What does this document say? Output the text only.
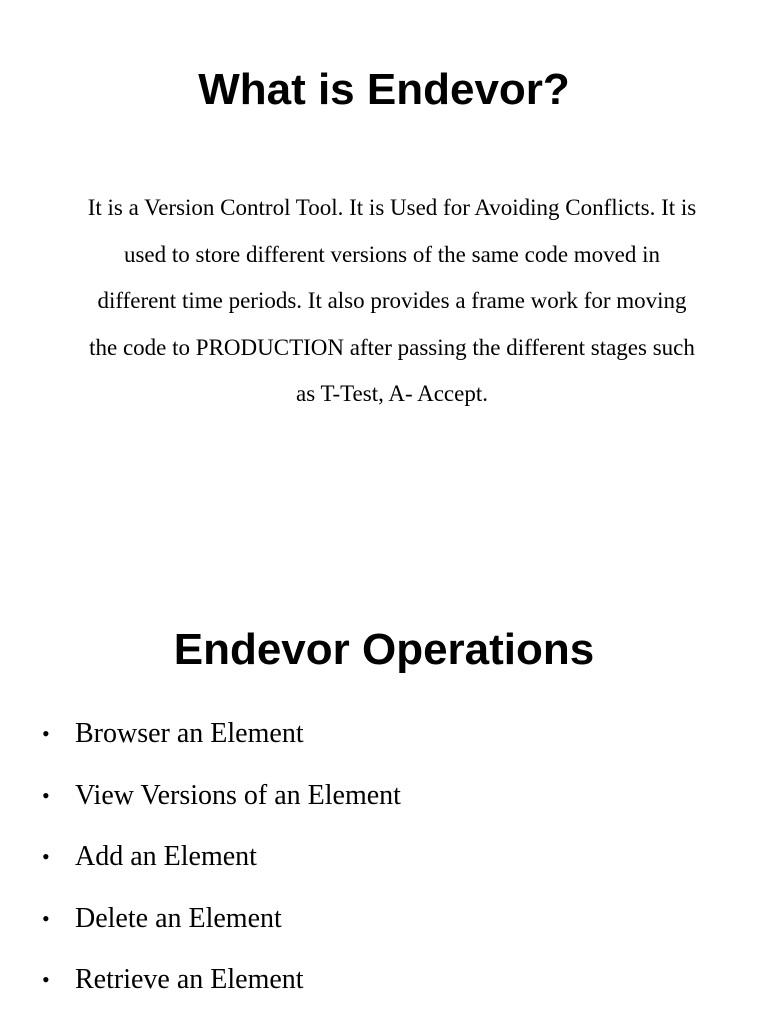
What is Endevor?

It is a Version Control Tool. It is Used for Avoiding Conflicts. It is used to store different versions of the same code moved in different time periods. It also provides a frame work for moving the code to PRODUCTION after passing the different stages such as T-Test, A- Accept.

Endevor Operations
• Browser an Element
• View Versions of an Element
• Add an Element
• Delete an Element
• Retrieve an Element
